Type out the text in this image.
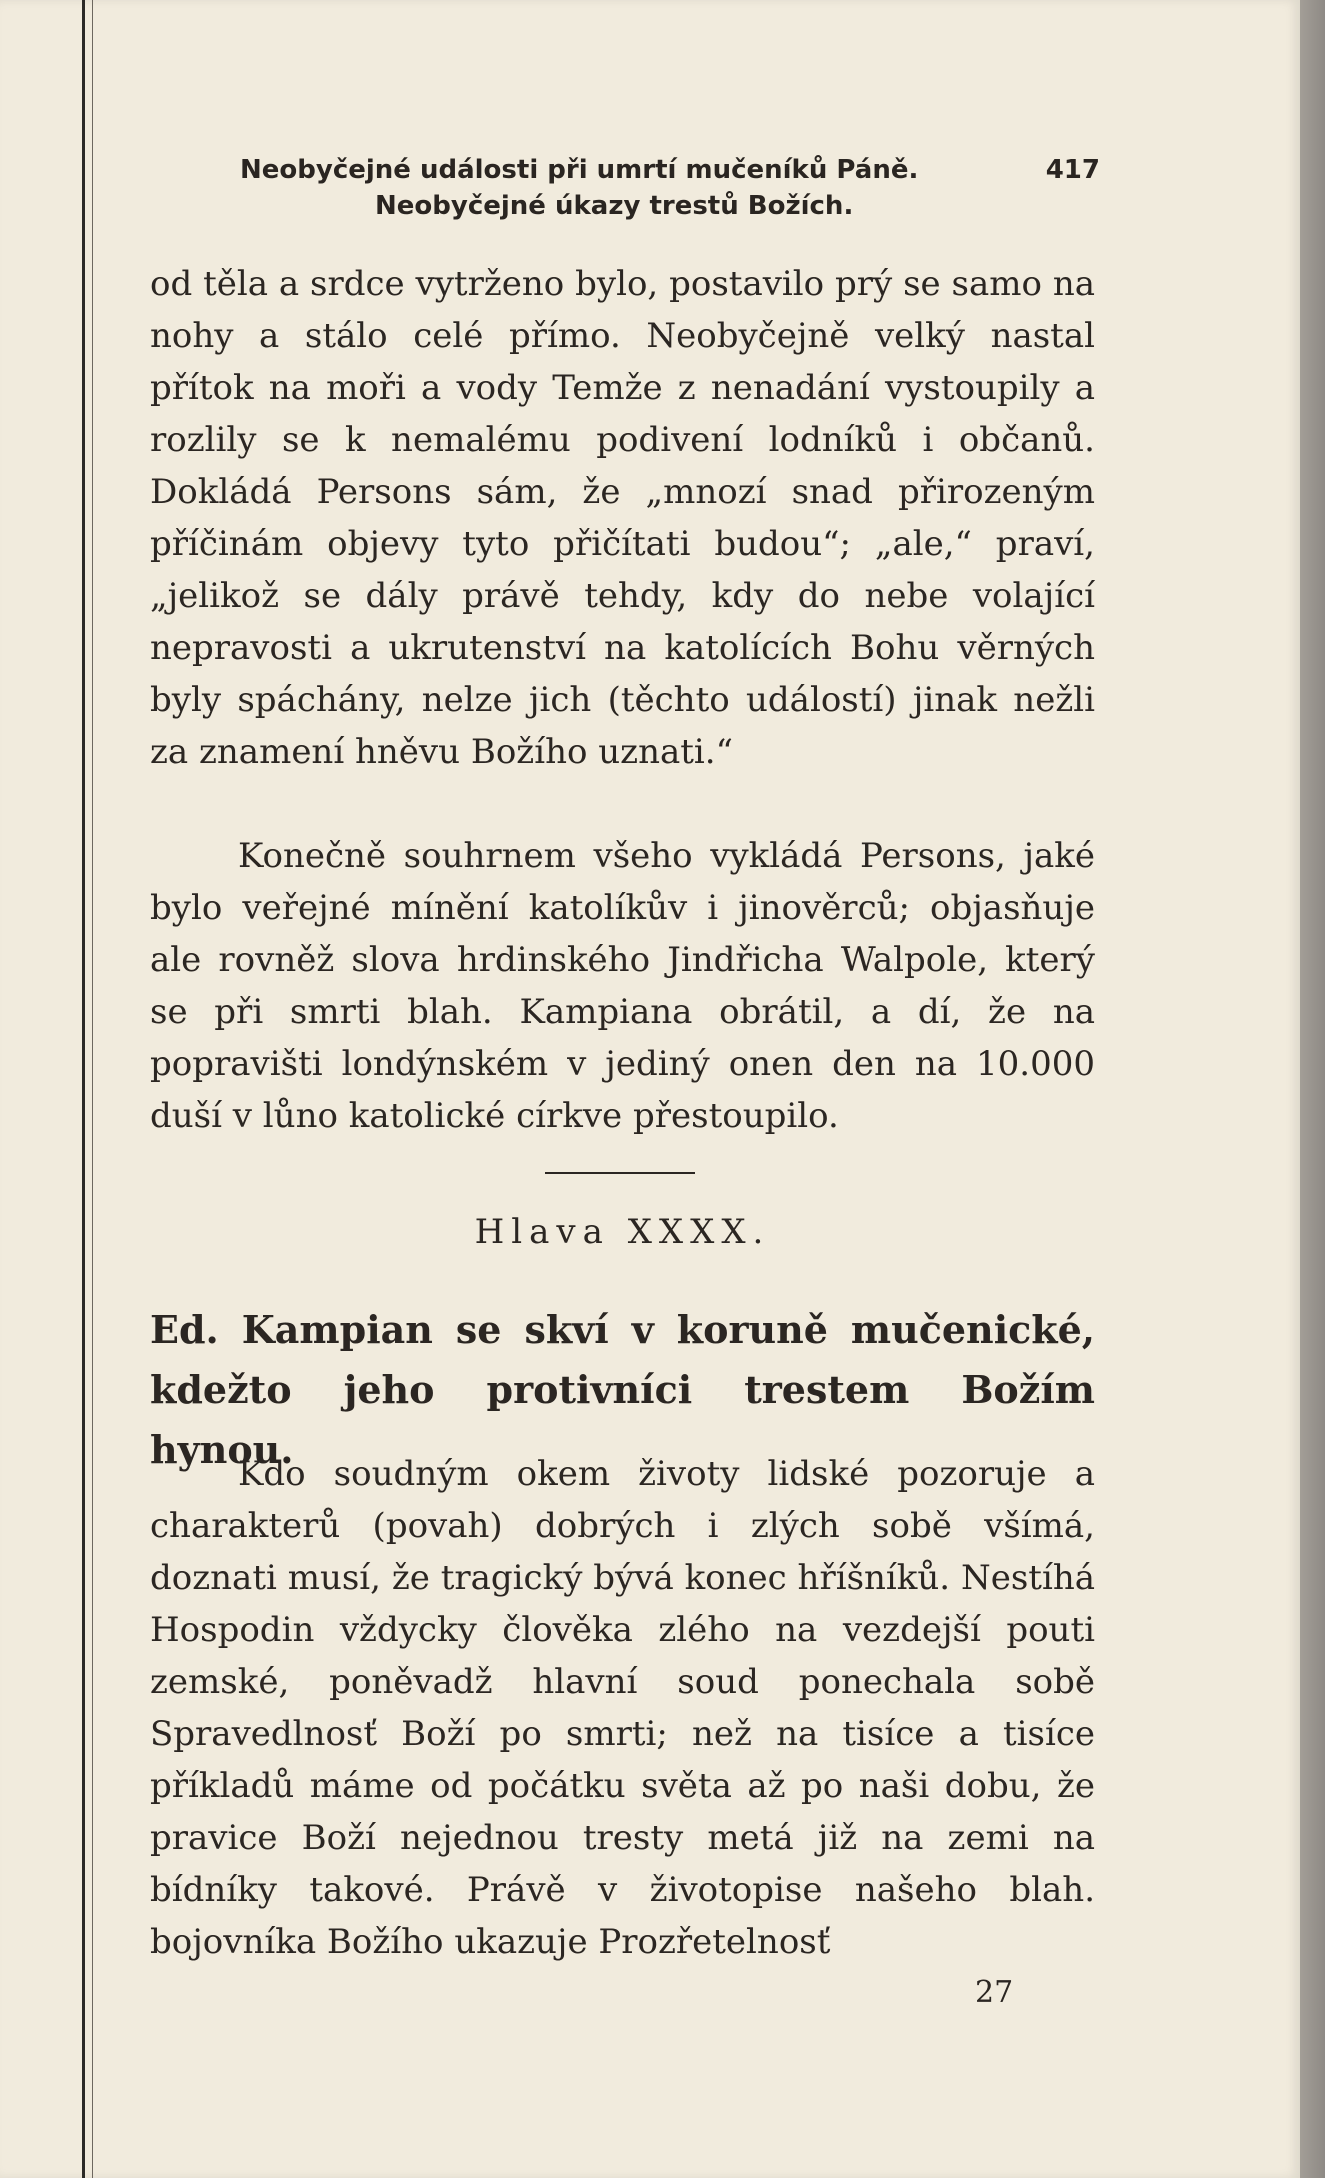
Neobyčejné události při umrtí mučeníků Páně.	417
Neobyčejné úkazy trestů Božích.

od těla a srdce vytrženo bylo, postavilo prý se samo na nohy a stálo celé přímo. Neobyčejně velký nastal přítok na moři a vody Temže z nenadání vystoupily a rozlily se k nemalému podivení lodníků i občanů. Dokládá Persons sám, že „mnozí snad přirozeným příčinám objevy tyto přičítati budou“; „ale,“ praví, „jelikož se dály právě tehdy, kdy do nebe volající nepravosti a ukrutenství na katolících Bohu věrných byly spáchány, nelze jich (těchto událostí) jinak nežli za znamení hněvu Božího uznati.“

Konečně souhrnem všeho vykládá Persons, jaké bylo veřejné mínění katolíkův i jinověrců; objasňuje ale rovněž slova hrdinského Jindřicha Walpole, který se při smrti blah. Kampiana obrátil, a dí, že na popravišti londýnském v jediný onen den na 10.000 duší v lůno katolické církve přestoupilo.

Hlava XXXX.
Ed. Kampian se skví v koruně mučenické, kdežto jeho protivníci trestem Božím hynou.

Kdo soudným okem životy lidské pozoruje a charakterů (povah) dobrých i zlých sobě všímá, doznati musí, že tragický bývá konec hříšníků. Nestíhá Hospodin vždycky člověka zlého na vezdejší pouti zemské, poněvadž hlavní soud ponechala sobě Spravedlnosť Boží po smrti; než na tisíce a tisíce příkladů máme od počátku světa až po naši dobu, že pravice Boží nejednou tresty metá již na zemi na bídníky takové. Právě v životopise našeho blah. bojovníka Božího ukazuje Prozřetelnosť

27
